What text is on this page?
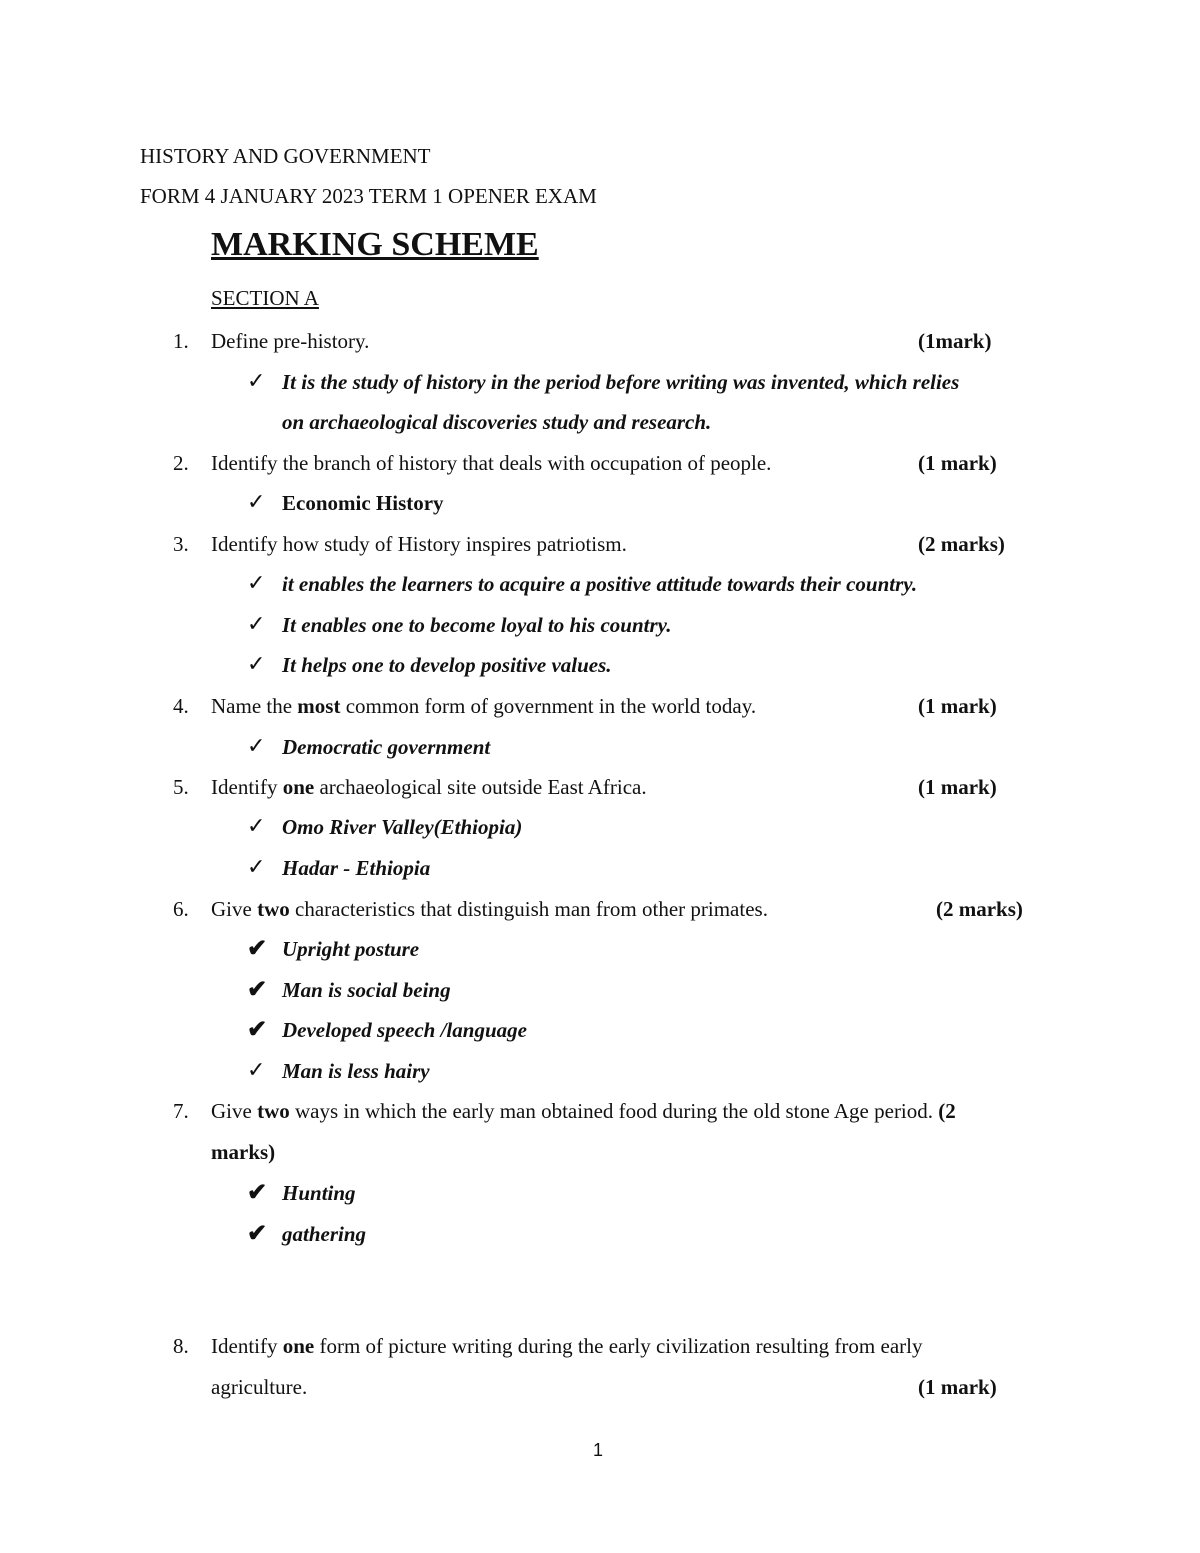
HISTORY AND GOVERNMENT
FORM 4 JANUARY 2023 TERM 1 OPENER EXAM
MARKING SCHEME
SECTION A
1. Define pre-history.	(1mark)
✓ It is the study of history in the period before writing was invented, which relies
on archaeological discoveries study and research.
2. Identify the branch of history that deals with occupation of people.	(1 mark)
✓ Economic History
3. Identify how study of History inspires patriotism.	(2 marks)
✓ it enables the learners to acquire a positive attitude towards their country.
✓ It enables one to become loyal to his country.
✓ It helps one to develop positive values.
4. Name the most common form of government in the world today.	(1 mark)
✓ Democratic government
5. Identify one archaeological site outside East Africa.	(1 mark)
✓ Omo River Valley(Ethiopia)
✓ Hadar - Ethiopia
6. Give two characteristics that distinguish man from other primates.	(2 marks)
✔ Upright posture
✔ Man is social being
✔ Developed speech /language
✓ Man is less hairy
7. Give two ways in which the early man obtained food during the old stone Age period. (2
marks)
✔ Hunting
✔ gathering
8. Identify one form of picture writing during the early civilization resulting from early
agriculture.	(1 mark)
1
